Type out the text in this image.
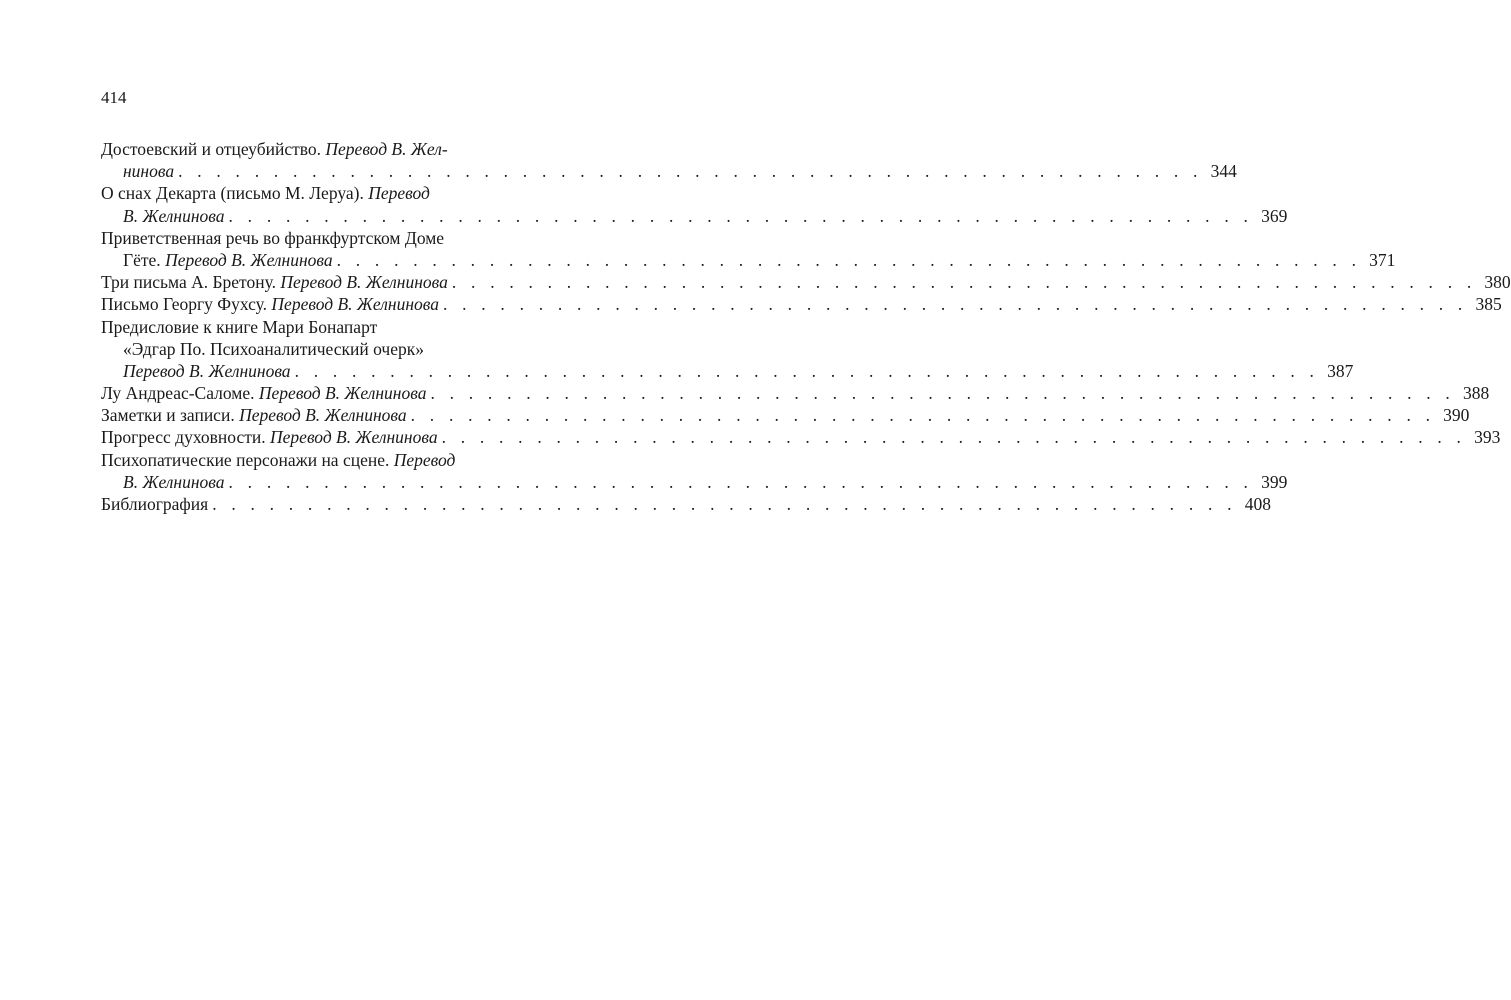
414
Достоевский и отцеубийство. Перевод В. Жел-
нинова . . . . . . . . . . . . . . . . . . . . . . . . . . . . . . . . . . . . . . . . . . . . . . . . . . . . . . 344
О снах Декарта (письмо М. Леруа). Перевод
В. Желнинова . . . . . . . . . . . . . . . . . . . . . . . . . . . . . . . . . . . . . . . . . . . . . . . . . . . . . . 369
Приветственная речь во франкфуртском Доме
Гёте. Перевод В. Желнинова . . . . . . . . . . . . . . . . . . . . . . . . . . . . . . . . . . . . . . . . . . . . . . . . . . . . . . 371
Три письма А. Бретону. Перевод В. Желнинова . . . . . . . . . . . . . . . . . . . . . . . . . . . . . . . . . . . . . . . . . . . . . . . . . . . . . . 380
Письмо Георгу Фухсу. Перевод В. Желнинова . . . . . . . . . . . . . . . . . . . . . . . . . . . . . . . . . . . . . . . . . . . . . . . . . . . . . . 385
Предисловие к книге Мари Бонапарт
«Эдгар По. Психоаналитический очерк»
Перевод В. Желнинова . . . . . . . . . . . . . . . . . . . . . . . . . . . . . . . . . . . . . . . . . . . . . . . . . . . . . . 387
Лу Андреас-Саломе. Перевод В. Желнинова . . . . . . . . . . . . . . . . . . . . . . . . . . . . . . . . . . . . . . . . . . . . . . . . . . . . . . 388
Заметки и записи. Перевод В. Желнинова . . . . . . . . . . . . . . . . . . . . . . . . . . . . . . . . . . . . . . . . . . . . . . . . . . . . . . 390
Прогресс духовности. Перевод В. Желнинова . . . . . . . . . . . . . . . . . . . . . . . . . . . . . . . . . . . . . . . . . . . . . . . . . . . . . . 393
Психопатические персонажи на сцене. Перевод
В. Желнинова . . . . . . . . . . . . . . . . . . . . . . . . . . . . . . . . . . . . . . . . . . . . . . . . . . . . . . 399
Библиография . . . . . . . . . . . . . . . . . . . . . . . . . . . . . . . . . . . . . . . . . . . . . . . . . . . . . . 408
